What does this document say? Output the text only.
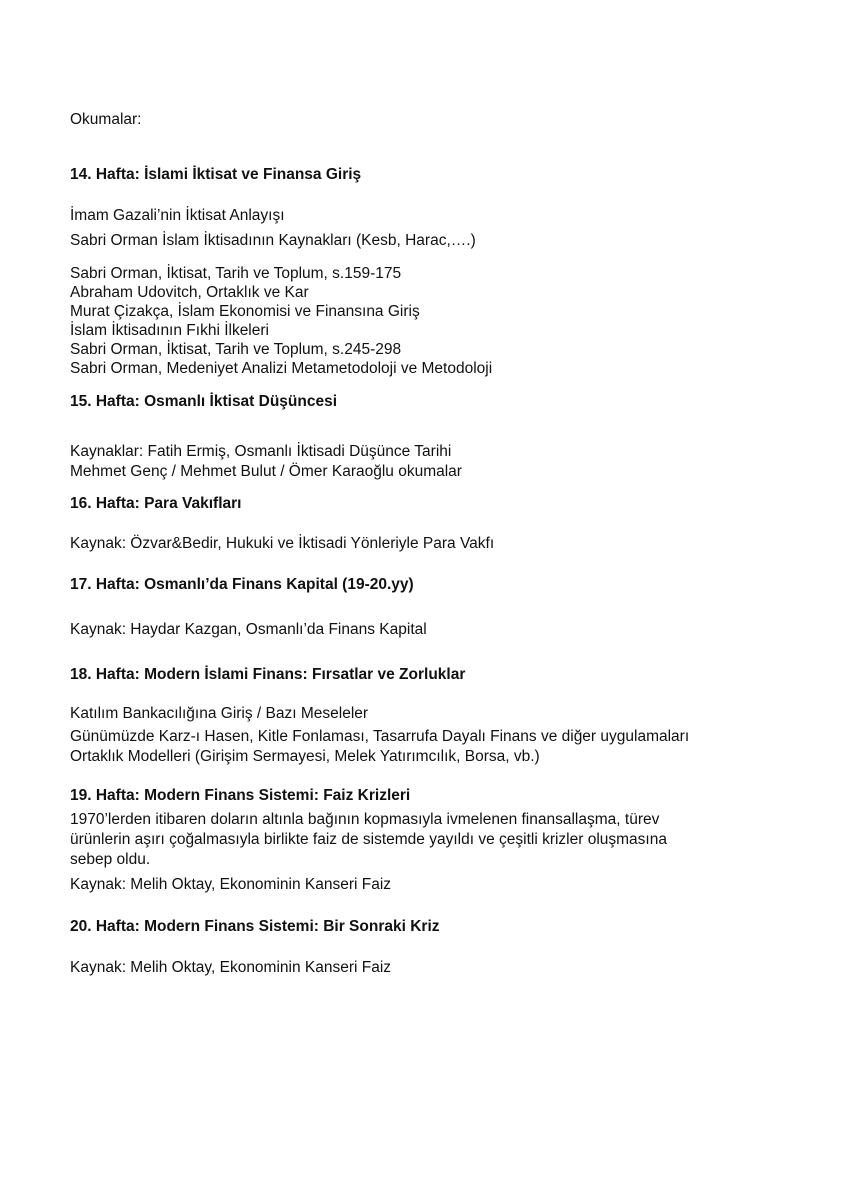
Okumalar:

14. Hafta: İslami İktisat ve Finansa Giriş

İmam Gazali’nin İktisat Anlayışı

Sabri Orman İslam İktisadının Kaynakları (Kesb, Harac,….)

Sabri Orman, İktisat, Tarih ve Toplum, s.159-175

Abraham Udovitch, Ortaklık ve Kar

Murat Çizakça, İslam Ekonomisi ve Finansına Giriş

İslam İktisadının Fıkhi İlkeleri

Sabri Orman, İktisat, Tarih ve Toplum, s.245-298

Sabri Orman, Medeniyet Analizi Metametodoloji ve Metodoloji

15. Hafta: Osmanlı İktisat Düşüncesi

Kaynaklar: Fatih Ermiş, Osmanlı İktisadi Düşünce Tarihi

Mehmet Genç / Mehmet Bulut / Ömer Karaoğlu okumalar

16. Hafta: Para Vakıfları

Kaynak: Özvar&Bedir, Hukuki ve İktisadi Yönleriyle Para Vakfı

17. Hafta: Osmanlı’da Finans Kapital (19-20.yy)

Kaynak: Haydar Kazgan, Osmanlı’da Finans Kapital

18. Hafta: Modern İslami Finans: Fırsatlar ve Zorluklar

Katılım Bankacılığına Giriş / Bazı Meseleler

Günümüzde Karz-ı Hasen, Kitle Fonlaması, Tasarrufa Dayalı Finans ve diğer uygulamaları

Ortaklık Modelleri (Girişim Sermayesi, Melek Yatırımcılık, Borsa, vb.)

19. Hafta: Modern Finans Sistemi: Faiz Krizleri

1970’lerden itibaren doların altınla bağının kopmasıyla ivmelenen finansallaşma, türev

ürünlerin aşırı çoğalmasıyla birlikte faiz de sistemde yayıldı ve çeşitli krizler oluşmasına

sebep oldu.

Kaynak: Melih Oktay, Ekonominin Kanseri Faiz

20. Hafta: Modern Finans Sistemi: Bir Sonraki Kriz

Kaynak: Melih Oktay, Ekonominin Kanseri Faiz
